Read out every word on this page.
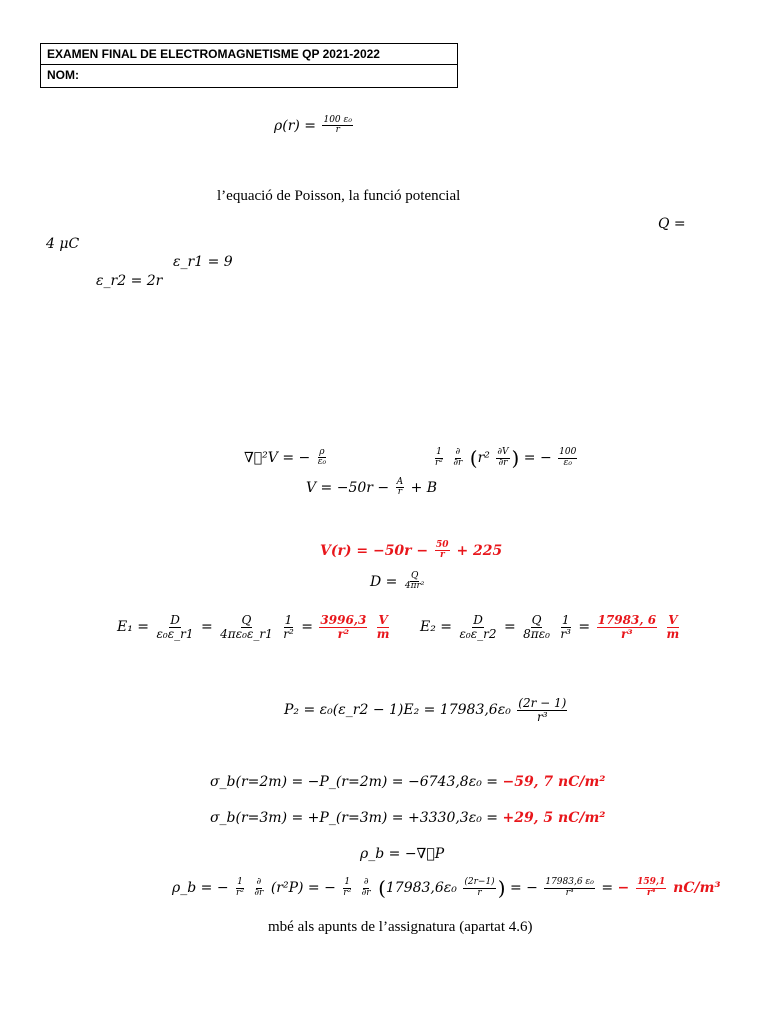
EXAMEN FINAL DE ELECTROMAGNETISME QP 2021-2022
NOM:
$\rho(r) = \frac{\text{100 ε₀}}{r}$
l’equació de Poisson, la funció potencial
Q =
4 μC
ε_r1 = 9
ε_r2 = 2r
∇⃗²V = − $\frac{\rho}{\text{ε₀}}$	$\frac{1}{\text{r²}}$
$\frac{\partial}{\partial r} (r^2 \frac{\partial V}{\partial r}$ ) = − $\frac{100}{\text{ε₀}}$
$V = -50r - \frac{A}{r} + B$
$V(r) = -50r - \frac{50}{r} + 225$
$D = \frac{Q}{\text{4πr²}}$
$E_1 = \frac{D}{\text{ε₀ε\_r1}} = \frac{Q}{\text{4πε₀ε\_r1}}$
$\frac{1}{\text{r²}} = \frac{3996,3}{\text{r²}}$
$\frac{V}{m} E_2 = \frac{D}{\text{ε₀ε\_r2}} = \frac{Q}{\text{8πε₀}}$
$\frac{1}{\text{r³}} = \frac{17983, 6}{\text{r³}}$
$\frac{V}{m}$
P₂ = ε₀(ε_r2 − $1)E_2 = 17983,6\varepsilon_0 \frac{(2r - 1)}{\text{r³}}$
σ_b(r=2m) = −P_(r=2m) = −6743,8ε₀ = −59, 7 nC/m²
σ_b(r=3m) = +P_(r=3m) = +3330,3ε₀ = +29, 5 nC/m²
ρ_b = −∇⃗P
ρ_b = − $\frac{1}{\text{r²}}$
$\frac{\partial}{\partial r} (r^2P)$ = − $\frac{1}{\text{r²}}$
$\frac{\partial}{\partial r} (17983,6\varepsilon_0 \frac{(2r-1)}{r}$ ) = − $\frac{\text{17983,6 ε₀}}{\text{r⁴}}$ = − $\frac{159,1}{\text{r⁴}} nC/m^3$
mbé als apunts de l’assignatura (apartat 4.6)
